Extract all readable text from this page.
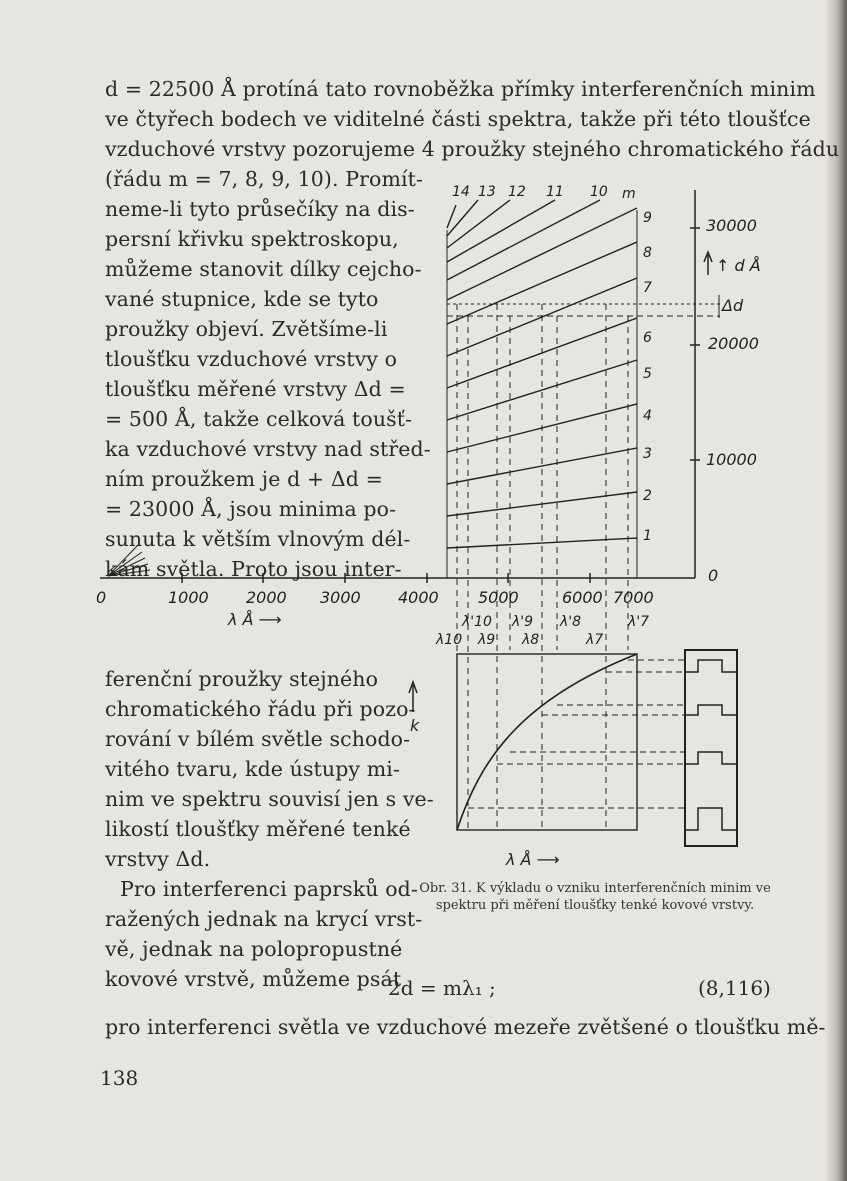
d = 22500 Å protíná tato rovnoběžka přímky interferenčních minim
ve čtyřech bodech ve viditelné části spektra, takže při této tloušťce
vzduchové vrstvy pozorujeme 4 proužky stejného chromatického řádu
(řádu m = 7, 8, 9, 10). Promít-
neme-li tyto průsečíky na dis-
persní křivku spektroskopu,
můžeme stanovit dílky cejcho-
vané stupnice, kde se tyto
proužky objeví. Zvětšíme-li
tloušťku vzduchové vrstvy o
tloušťku měřené vrstvy Δd =
= 500 Å, takže celková toušť-
ka vzduchové vrstvy nad střed-
ním proužkem je d + Δd =
= 23000 Å, jsou minima po-
sunuta k větším vlnovým dél-
kám světla. Proto jsou inter-
ferenční proužky stejného
chromatického řádu při pozo-
rování v bílém světle schodo-
vitého tvaru, kde ústupy mi-
nim ve spektru souvisí jen s ve-
likostí tloušťky měřené tenké
vrstvy Δd.
Pro interferenci paprsků od-
ražených jednak na krycí vrst-
vě, jednak na polopropustné
kovové vrstvě, můžeme psát
0	1000 2000 3000 4000 5000	6000 7000
λ Å ⟶
30000
20000
10000
0
↑ d Å
Δd
m
14 13 12 11 10
9
8
7
6
5
4
3
2
1
λ'10 λ'9 λ'8	λ'7
λ10 λ9 λ8	λ7
k
λ Å ⟶
Obr. 31. K výkladu o vzniku interferenčních minim ve spektru při měření tloušťky tenké kovové vrstvy.
2d = mλ₁ ;	(8,116)
pro interferenci světla ve vzduchové mezeře zvětšené o tloušťku mě-
138
